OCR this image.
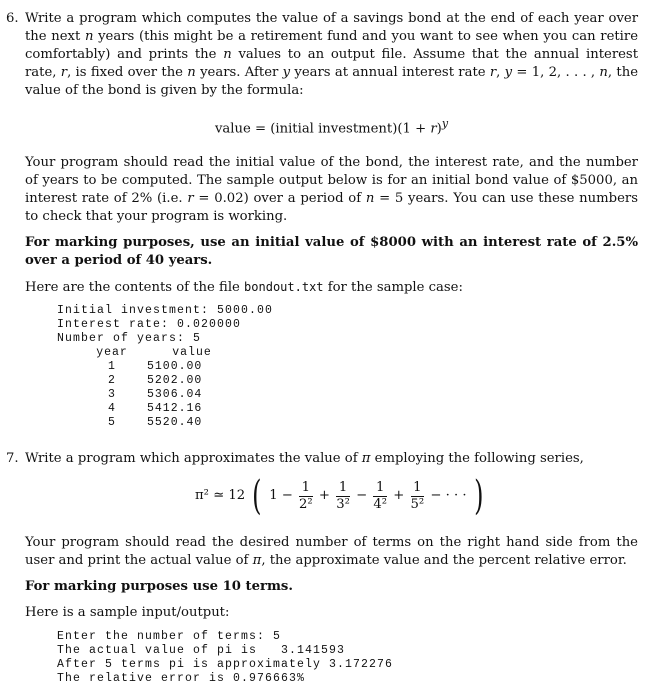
6. Write a program which computes the value of a savings bond at the end of each year over the next n years (this might be a retirement fund and you want to see when you can retire comfortably) and prints the n values to an output file. Assume that the annual interest rate, r, is fixed over the n years. After y years at annual interest rate r, y = 1, 2, . . . , n, the value of the bond is given by the formula:

value = (initial investment)(1 + r)$^y$

Your program should read the initial value of the bond, the interest rate, and the number of years to be computed. The sample output below is for an initial bond value of $5000, an interest rate of 2% (i.e. r = 0.02) over a period of n = 5 years. You can use these numbers to check that your program is working.

For marking purposes, use an initial value of $8000 with an interest rate of 2.5% over a period of 40 years.

Here are the contents of the file bondout.txt for the sample case:

Initial investment: 5000.00
Interest rate: 0.020000
Number of years: 5
year	value
1	5100.00
2	5202.00
3	5306.04
4	5412.16
5	5520.40
7. Write a program which approximates the value of π employing the following series,

π² ≃ 12 ( $1 - \frac{1}{\text{2²}} + \frac{1}{\text{3²}} - \frac{1}{\text{4²}} + \frac{1}{\text{5²}}$ − · · · )

Your program should read the desired number of terms on the right hand side from the user and print the actual value of π, the approximate value and the percent relative error.

For marking purposes use 10 terms.

Here is a sample input/output:

Enter the number of terms: 5
The actual value of pi is   3.141593
After 5 terms pi is approximately 3.172276
The relative error is 0.976663%
